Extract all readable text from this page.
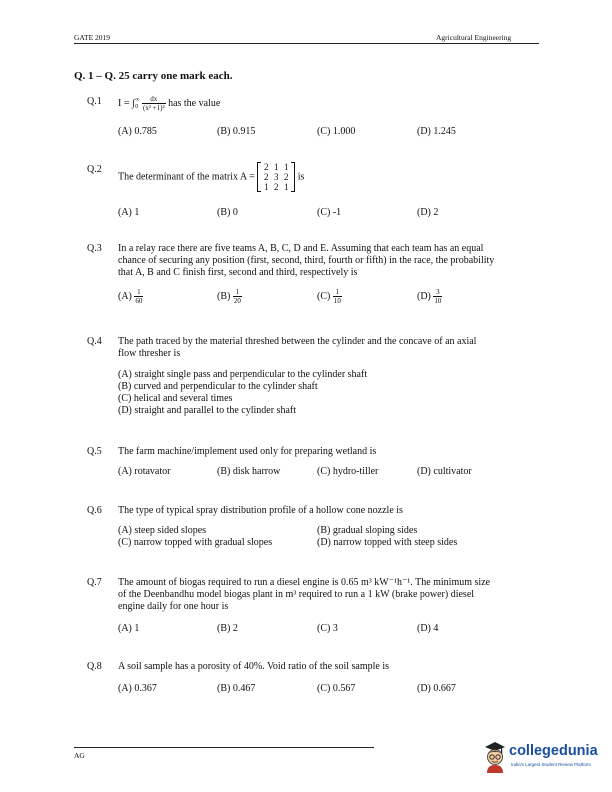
GATE 2019	Agricultural Engineering
Q. 1 – Q. 25 carry one mark each.
Q.1 I = ∫ ∞
0
$\frac{dx}{\text{(x² +1)²}}$ has the value
(A) 0.785	(B) 0.915	(C) 1.000	(D) 1.245
Q.2
The determinant of the matrix A =
2 1 1
2 3 2
1 2 1
is
(A) 1	(B) 0	(C) -1	(D) 2
Q.3 In a relay race there are five teams A, B, C, D and E. Assuming that each team has an equal
chance of securing any position (first, second, third, fourth or fifth) in the race, the probability
that A, B and C finish first, second and third, respectively is
$(A) \frac{1}{60}$	$(B) \frac{1}{20}$	$(C) \frac{1}{10}$	$(D) \frac{3}{10}$
Q.4 The path traced by the material threshed between the cylinder and the concave of an axial
flow thresher is
(A) straight single pass and perpendicular to the cylinder shaft
(B) curved and perpendicular to the cylinder shaft
(C) helical and several times
(D) straight and parallel to the cylinder shaft
Q.5 The farm machine/implement used only for preparing wetland is
(A) rotavator	(B) disk harrow	(C) hydro-tiller	(D) cultivator
Q.6 The type of typical spray distribution profile of a hollow cone nozzle is
(A) steep sided slopes	(B) gradual sloping sides
(C) narrow topped with gradual slopes	(D) narrow topped with steep sides
Q.7 The amount of biogas required to run a diesel engine is 0.65 m³ kW⁻¹h⁻¹. The minimum size
of the Deenbandhu model biogas plant in m³ required to run a 1 kW (brake power) diesel
engine daily for one hour is
(A) 1	(B) 2	(C) 3	(D) 4
Q.8 A soil sample has a porosity of 40%. Void ratio of the soil sample is
(A) 0.367	(B) 0.467	(C) 0.567	(D) 0.667
AG	collegedunia
India's Largest Student Review Platform
